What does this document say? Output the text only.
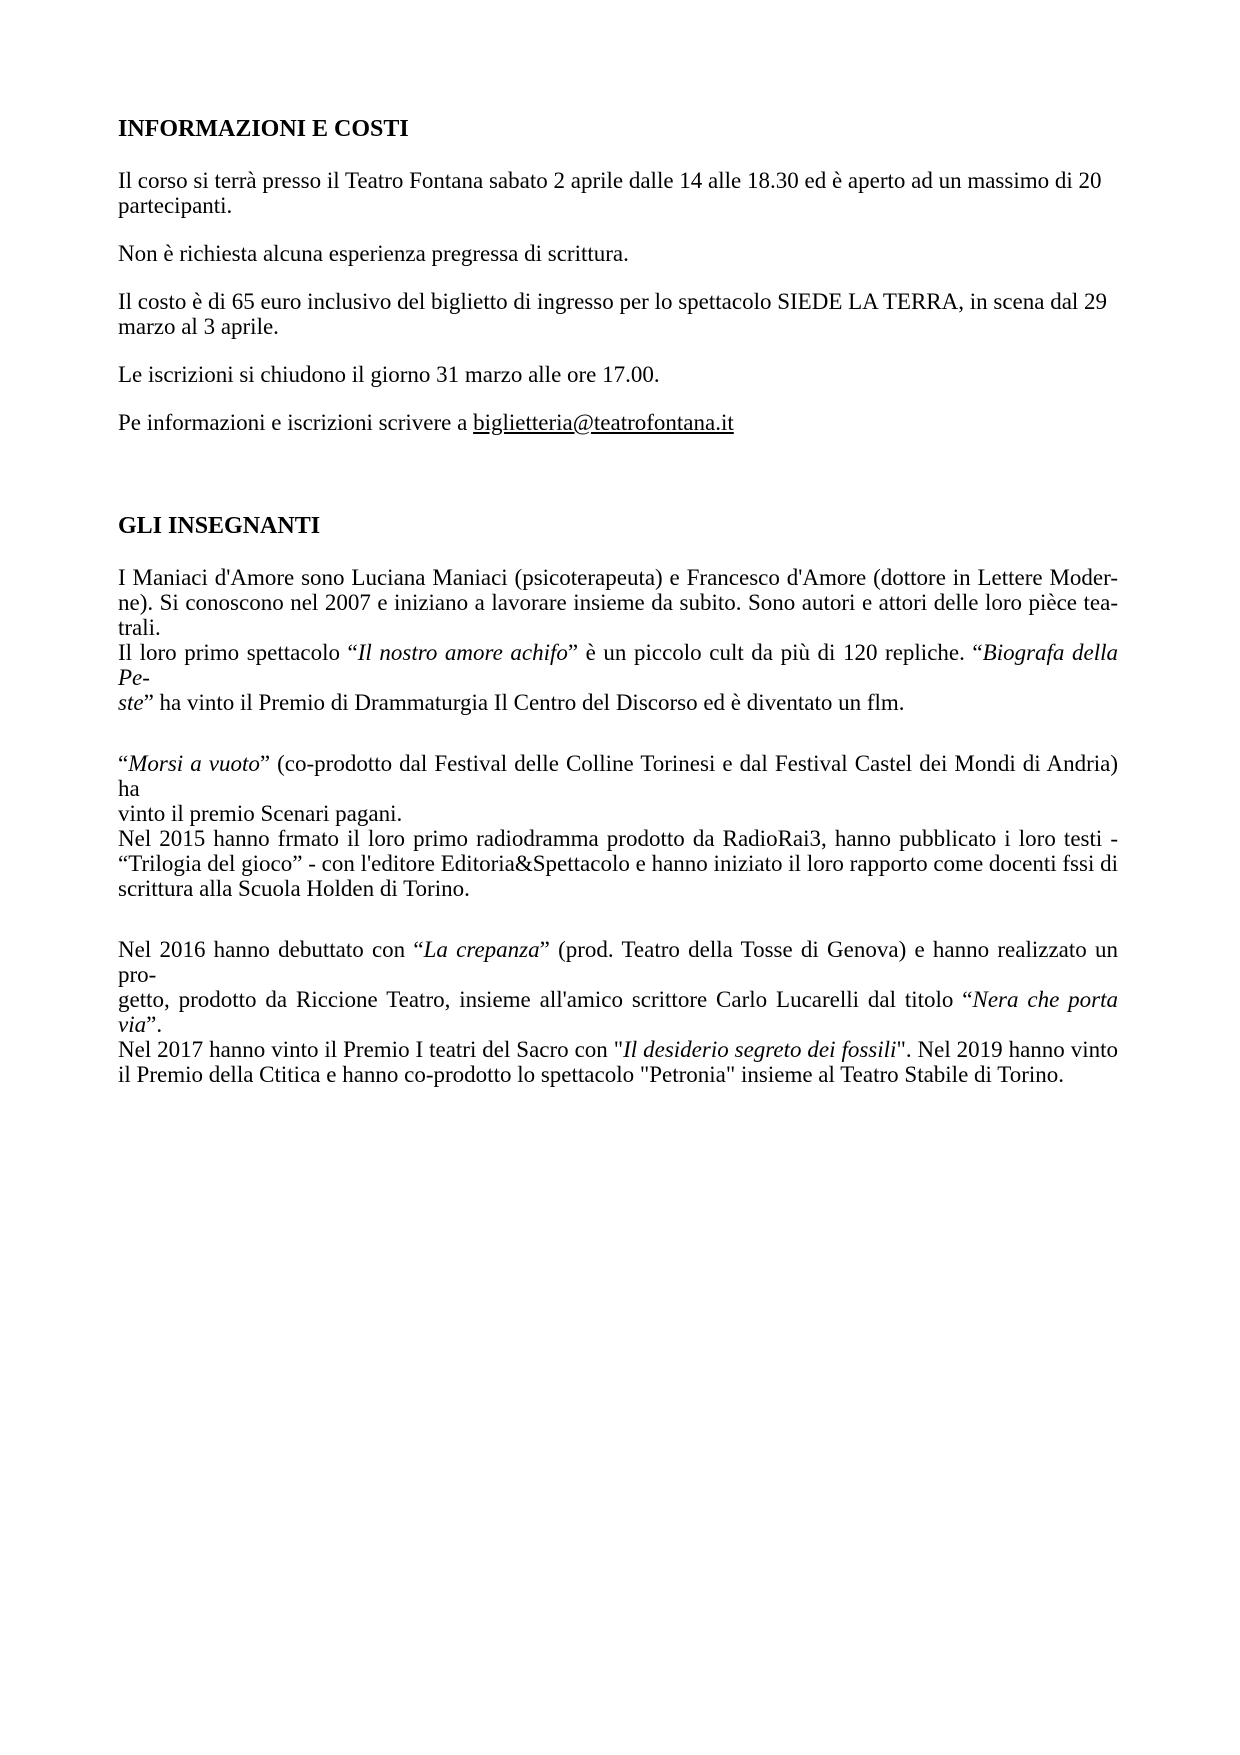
INFORMAZIONI E COSTI
Il corso si terrà presso il Teatro Fontana sabato 2 aprile dalle 14 alle 18.30 ed è aperto ad un massimo di 20
partecipanti.
Non è richiesta alcuna esperienza pregressa di scrittura.
Il costo è di 65 euro inclusivo del biglietto di ingresso per lo spettacolo SIEDE LA TERRA, in scena dal 29
marzo al 3 aprile.
Le iscrizioni si chiudono il giorno 31 marzo alle ore 17.00.
Pe informazioni e iscrizioni scrivere a biglietteria@teatrofontana.it
GLI INSEGNANTI
I Maniaci d'Amore sono Luciana Maniaci (psicoterapeuta) e Francesco d'Amore (dottore in Lettere Moder-
ne). Si conoscono nel 2007 e iniziano a lavorare insieme da subito. Sono autori e attori delle loro pièce tea-
trali.
Il loro primo spettacolo “Il nostro amore achifo” è un piccolo cult da più di 120 repliche. “Biografa della Pe-
ste” ha vinto il Premio di Drammaturgia Il Centro del Discorso ed è diventato un flm.
“Morsi a vuoto” (co-prodotto dal Festival delle Colline Torinesi e dal Festival Castel dei Mondi di Andria) ha
vinto il premio Scenari pagani.
Nel 2015 hanno frmato il loro primo radiodramma prodotto da RadioRai3, hanno pubblicato i loro testi -
“Trilogia del gioco” - con l'editore Editoria&Spettacolo e hanno iniziato il loro rapporto come docenti fssi di
scrittura alla Scuola Holden di Torino.
Nel 2016 hanno debuttato con “La crepanza” (prod. Teatro della Tosse di Genova) e hanno realizzato un pro-
getto, prodotto da Riccione Teatro, insieme all'amico scrittore Carlo Lucarelli dal titolo “Nera che porta via”.
Nel 2017 hanno vinto il Premio I teatri del Sacro con "Il desiderio segreto dei fossili". Nel 2019 hanno vinto
il Premio della Ctitica e hanno co-prodotto lo spettacolo "Petronia" insieme al Teatro Stabile di Torino.
